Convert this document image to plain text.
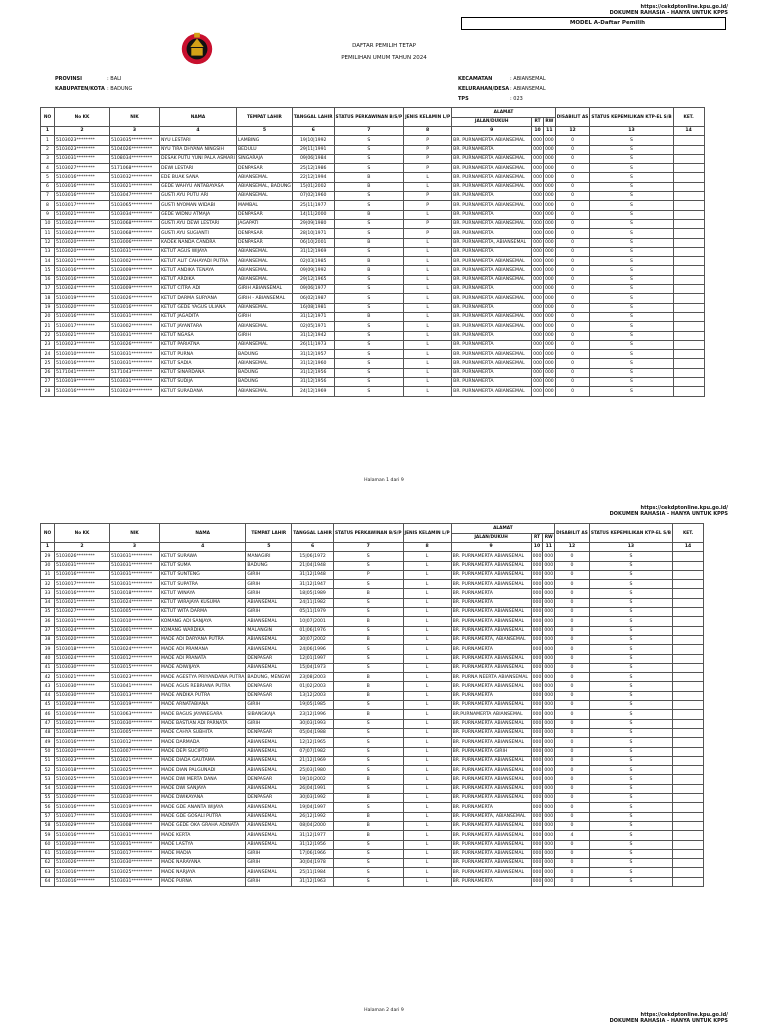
https://cekdptonline.kpu.go.id/
DOKUMEN RAHASIA - HANYA UNTUK KPPS
MODEL A-Daftar Pemilih
DAFTAR PEMILIH TETAP
PEMILIHAN UMUM TAHUN 2024
PROVINSI	: BALI
KABUPATEN/KOTA : BADUNG
KECAMATAN	: ABIANSEMAL
KELURAHAN/DESA: ABIANSEMAL
TPS	: 023
NO	No KK	NIK	NAMA	TEMPAT LAHIR	TANGGAL LAHIR	STATUS PERKAWINAN B/S/P	JENIS KELAMIN L/P	ALAMAT			DISABILIT AS	STATUS KEPEMILIKAN KTP-EL S/B	KET.
								JALAN/DUKUH	RT	RW			
1	2	3	4	5	6	7	8	9	10	11	12	13	14
1	5103023********	5103035*********	NYU LESTARI	LAMBING	19|10|1992	S	P	BR. PURNAMERTA ABIANSEMAL	000	000	0	S	
2	5103023********	5104026*********	NYU TIRA DHYANA NINGSIH	BEDULU	29|11|1991	S	P	BR. PURNAMERTA	000	000	0	S	
3	5103031********	5108034*********	DESAK PUTU YUNI PALA ASMARI	SINGARAJA	09|06|1984	S	P	BR. PURNAMERTA ABIANSEMAL	000	000	0	S	
4	5103027********	5171068*********	DEWI LESTARI	DENPASAR	25|12|1986	S	P	BR. PURNAMERTA ABIANSEMAL	000	000	0	S	
5	5103016********	5103032*********	EDE BUAK SANA	ABIANSEMAL	22|12|1994	B	L	BR. PURNAMERTA ABIANSEMAL	000	000	0	S	
6	5103016********	5103021*********	GEDE WAHYU ANTABAYASA	ABIANSEMAL, BADUNG	15|01|2002	B	L	BR. PURNAMERTA ABIANSEMAL	000	000	0	S	
7	5103016********	5103047*********	GUSTI AYU PUTU ARI	ABIANSEMAL	07|02|1960	S	P	BR. PURNAMERTA	000	000	0	S	
8	5103017********	5103065*********	GUSTI NYOMAN WIDABI	MAMBAL	25|11|1977	S	P	BR. PURNAMERTA ABIANSEMAL	000	000	0	S	
9	5103021********	5103034*********	GEDE WIDNU ATMAJA	DENPASAR	14|11|2000	B	L	BR. PURNAMERTA	000	000	0	S	
10	5103024********	5103068*********	GUSTI AYU DEWI LESTARI	JAGAPATI	29|09|1980	S	P	BR. PURNAMERTA ABIANSEMAL	000	000	0	S	
11	5103024********	5103068*********	GUSTI AYU SUGIANTI	DENPASAR	28|10|1971	S	P	BR. PURNAMERTA	000	000	0	S	
12	5103020********	5103006*********	KADEK NANDA CANDRA	DENPASAR	06|10|2001	B	L	BR. PURNAMERTA, ABIANSEMAL	000	000	0	S	
13	5103020********	5103031*********	KETUT AGUS WIJAYA	ABIANSEMAL	31|12|1969	S	L	BR. PURNAMERTA	000	000	0	S	
14	5103021********	5103002*********	KETUT ALIT CAHAYADI PUTRA	ABIANSEMAL	02|03|1985	B	L	BR. PURNAMERTA ABIANSEMAL	000	000	0	S	
15	5103016********	5103009*********	KETUT ANDIKA TENAYA	ABIANSEMAL	09|09|1992	B	L	BR. PURNAMERTA ABIANSEMAL	000	000	0	S	
16	5103016********	5103028*********	KETUT ARDIKA	ABIANSEMAL	29|12|1965	S	L	BR. PURNAMERTA ABIANSEMAL	000	000	0	S	
17	5103024********	5103009*********	KETUT CITRA ADI	GIRIH ABIANSEMAL	09|06|1977	S	L	BR. PURNAMERTA	000	000	0	S	
18	5103019********	5103026*********	KETUT DARMA SURYANA	GIRIH - ABIANSEMAL	06|02|1987	S	L	BR. PURNAMERTA ABIANSEMAL	000	000	0	S	
19	5103020********	5103016*********	KETUT GEDE YAGUS ULIANA	ABIANSEMAL	16|08|1981	S	L	BR. PURNAMERTA	000	000	0	S	
20	5103016********	5103031*********	KETUT JAGADITA	GIRIH	31|12|1971	B	L	BR. PURNAMERTA ABIANSEMAL	000	000	0	S	
21	5103017********	5103002*********	KETUT JAYANTARA	ABIANSEMAL	02|05|1971	S	L	BR. PURNAMERTA ABIANSEMAL	000	000	0	S	
22	5103021********	5103031*********	KETUT NGASA	GIRIH	31|12|1942	S	L	BR. PURNAMERTA	000	000	0	S	
23	5103023********	5103026*********	KETUT PARIATNA	ABIANSEMAL	26|11|1973	S	L	BR. PURNAMERTA	000	000	0	S	
24	5103010********	5103031*********	KETUT PURNA	BADUNG	31|12|1957	S	L	BR. PURNAMERTA ABIANSEMAL	000	000	0	S	
25	5103016********	5103031*********	KETUT SADIA	ABIANSEMAL	31|12|1960	S	L	BR. PURNAMERTA ABIANSEMAL	000	000	0	S	
26	5171041********	5171043*********	KETUT SINARDANA	BADUNG	31|12|1956	S	L	BR. PURNAMERTA	000	000	0	S	
27	5103019********	5103031*********	KETUT SUDIJA	BADUNG	31|12|1956	S	L	BR. PURNAMERTA	000	000	0	S	
28	5103016********	5103024*********	KETUT SURADANA	ABIANSEMAL	24|12|1969	S	L	BR. PURNAMERTA ABIANSEMAL	000	000	0	S	
Halaman 1 dari 9
https://cekdptonline.kpu.go.id/
DOKUMEN RAHASIA - HANYA UNTUK KPPS
NO	No KK	NIK	NAMA	TEMPAT LAHIR	TANGGAL LAHIR	STATUS PERKAWINAN B/S/P	JENIS KELAMIN L/P	ALAMAT			DISABILIT AS	STATUS KEPEMILIKAN KTP-EL S/B	KET.
								JALAN/DUKUH	RT	RW			
1	2	3	4	5	6	7	8	9	10	11	12	13	14
29	5103026********	5103031*********	KETUT SURAWA	MANAGIRI	15|06|1972	S	L	BR. PURNAMERTA ABIANSEMAL	000	000	0	S	
30	5103031********	5103031*********	KETUT SUMA	BADUNG	21|04|1948	S	L	BR. PURNAMERTA ABIANSEMAL	000	000	0	S	
31	5103016********	5103031*********	KETUT SUNTENG	GIRIH	31|12|1948	P	L	BR. PURNAMERTA ABIANSEMAL	000	000	0	S	
32	5103017********	5103031*********	KETUT SUPATRA	GIRIH	31|12|1947	S	L	BR. PURNAMERTA ABIANSEMAL	000	000	0	S	
33	5103016********	5103018*********	KETUT WINAYA	GIRIH	18|05|1989	B	L	BR. PURNAMERTA	000	000	0	S	
34	5103021********	5103024*********	KETUT WIRAJAYA KUSUMA	ABIANSEMAL	24|11|1982	S	L	BR. PURNAMERTA	000	000	0	S	
35	5103027********	5103005*********	KETUT WITA DARMA	GIRIH	05|11|1979	S	L	BR. PURNAMERTA ABIANSEMAL	000	000	0	S	
36	5103031********	5103010*********	KOMANG ADI SANJAYA	ABIANSEMAL	10|07|2001	B	L	BR. PURNAMERTA ABIANSEMAL	000	000	0	S	
37	5103024********	5103001*********	KOMANG WARDIKA	MALANGIN	01|06|1976	S	L	BR. PURNAMERTA ABIANSEMAL	000	000	0	S	
38	5103020********	5103030*********	MADE ADI DARYANA PUTRA	ABIANSEMAL	30|07|2002	B	L	BR. PURNAMERTA, ABIANSEMAL	000	000	0	S	
39	5103018********	5103024*********	MADE ADI PRAMANA	ABIANSEMAL	24|06|1996	S	L	BR. PURNAMERTA	000	000	0	S	
40	5103024********	5103012*********	MADE ADI PRANATA	DENPASAR	12|01|1997	S	L	BR. PURNAMERTA ABIANSEMAL	000	000	0	S	
41	5103030********	5103015*********	MADE ADIWIJAYA	ABIANSEMAL	15|04|1973	S	L	BR. PURNAMERTA ABIANSEMAL	000	000	0	S	
42	5103021********	5103023*********	MADE AGESTYA PRIYANDANA PUTRA	BADUNG, MENGWI	23|08|2003	B	L	BR. PURNA NEERTA ABIANSEMAL	000	000	0	S	
43	5103030********	5103041*********	MADE AGUS REBRIANA PUTRA	DENPASAR	01|02|2003	B	L	BR. PURNAMERTA ABIANSEMAL	000	000	0	S	
44	5103030********	5103013*********	MADE ANDIKA PUTRA	DENPASAR	13|12|2003	B	L	BR. PURNAMERTA	000	000	0	S	
45	5103028********	5103019*********	MADE ARNATABIANA	GIRIH	19|05|1985	S	L	BR. PURNAMERTA ABIANSEMAL	000	000	0	S	
46	5103016********	5103063*********	MADE BAGUS JAYANEGARA	SIBANGKAJA	23|12|1996	B	L	BR.PURNAMERTA ABIANSEMAL	000	000	0	S	
47	5103021********	5103030*********	MADE BASTIAN ADI PARNATA	GIRIH	30|03|1993	S	L	BR. PURNAMERTA ABIANSEMAL	000	000	0	S	
48	5103018********	5103005*********	MADE CAHYA SUBHITA	DENPASAR	05|04|1988	S	L	BR. PURNAMERTA ABIANSEMAL	000	000	0	S	
49	5103016********	5103012*********	MADE DARMADA	ABIANSEMAL	12|12|1965	S	L	BR. PURNAMERTA ABIANSEMAL	000	000	0	S	
50	5103020********	5103007*********	MADE DEPI SUCIPTO	ABIANSEMAL	07|07|1982	S	L	BR. PURNAMERTA GIRIH	000	000	0	S	
51	5103023********	5103021*********	MADE DIADA GAUTAMA	ABIANSEMAL	21|12|1969	S	L	BR. PURNAMERTA ABIANSEMAL	000	000	0	S	
52	5103018********	5103025*********	MADE DIAN PALGUNADI	ABIANSEMAL	25|03|1980	S	L	BR. PURNAMERTA ABIANSEMAL	000	000	0	S	
53	5103025********	5103019*********	MADE DWI MERTA DANA	DENPASAR	19|10|2002	B	L	BR. PURNAMERTA ABIANSEMAL	000	000	0	S	
54	5103028********	5103026*********	MADE DWI SANJAYA	ABIANSEMAL	26|04|1991	S	L	BR. PURNAMERTA ABIANSEMAL	000	000	0	S	
55	5103026********	5103030*********	MADE DWIKAYANA	DENPASAR	30|03|1992	B	L	BR. PURNAMERTA ABIANSEMAL	000	000	0	S	
56	5103016********	5103019*********	MADE GDE ANANTA WIJAYA	ABIANSEMAL	19|04|1997	S	L	BR. PURNAMERTA	000	000	0	S	
57	5103017********	5103026*********	MADE GDE GOSALI PUTRA	ABIANSEMAL	26|12|1992	B	L	BR. PURNAMERTA, ABIANSEMAL	000	000	0	S	
58	5103029********	5103008*********	MADE GEDE OKA GRAHA ADINATA	ABIANSEMAL	08|04|2000	B	L	BR. PURNAMERTA ABIANSEMAL	000	000	0	S	
59	5103016********	5103031*********	MADE KERTA	ABIANSEMAL	31|12|1977	B	L	BR. PURNAMERTA ABIANSEMAL	000	000	4	S	
60	5103030********	5103031*********	MADE LASTYA	ABIANSEMAL	31|12|1956	S	L	BR. PURNAMERTA ABIANSEMAL	000	000	0	S	
61	5103016********	5103017*********	MADE MADIA	GIRIH	17|06|1966	S	L	BR. PURNAMERTA ABIANSEMAL	000	000	0	S	
62	5103026********	5103030*********	MADE NARAYANA	GIRIH	30|04|1978	S	L	BR. PURNAMERTA ABIANSEMAL	000	000	0	S	
63	5103016********	5103025*********	MADE NARJAYA	ABIANSEMAL	25|11|1984	S	L	BR. PURNAMERTA ABIANSEMAL	000	000	0	S	
64	5103016********	5103031*********	MADE PURNA	GIRIH	31|12|1963	S	L	BR. PURNAMERTA	000	000	0	S	
Halaman 2 dari 9
https://cekdptonline.kpu.go.id/
DOKUMEN RAHASIA - HANYA UNTUK KPPS
